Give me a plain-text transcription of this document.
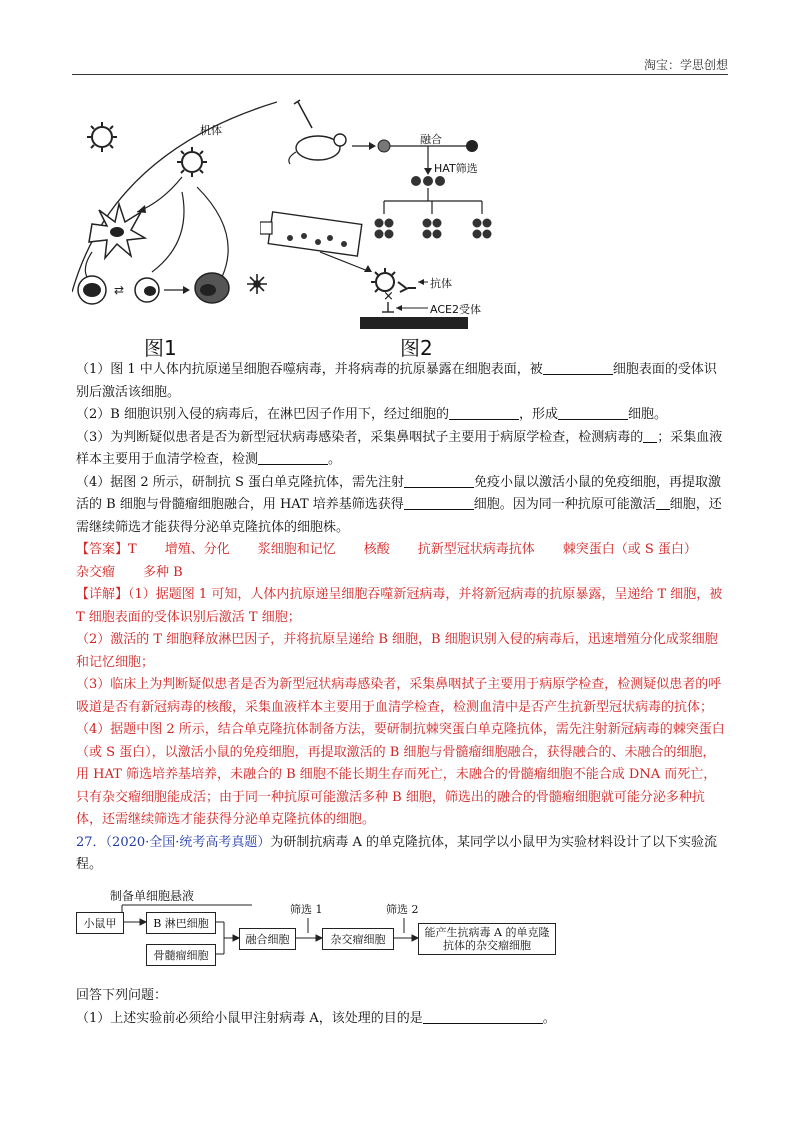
淘宝：学思创想
⇄
机体
图1
融合
HAT筛选
抗体
×
ACE2受体
图2

（1）图 1 中人体内抗原递呈细胞吞噬病毒，并将病毒的抗原暴露在细胞表面，被	细胞表面的受体识别后激活该细胞。

（2）B 细胞识别入侵的病毒后，在淋巴因子作用下，经过细胞的	，形成	细胞。

（3）为判断疑似患者是否为新型冠状病毒感染者，采集鼻咽拭子主要用于病原学检查，检测病毒的 ；采集血液样本主要用于血清学检查，检测	。

（4）据图 2 所示，研制抗 S 蛋白单克隆抗体，需先注射	免疫小鼠以激活小鼠的免疫细胞，再提取激活的 B 细胞与骨髓瘤细胞融合，用 HAT 培养基筛选获得	细胞。因为同一种抗原可能激活 细胞，还需继续筛选才能获得分泌单克隆抗体的细胞株。

【答案】T 增殖、分化 浆细胞和记忆 核酸 抗新型冠状病毒抗体 棘突蛋白（或 S 蛋白）杂交瘤 多种 B

【详解】（1）据题图 1 可知，人体内抗原递呈细胞吞噬新冠病毒，并将新冠病毒的抗原暴露，呈递给 T 细胞，被 T 细胞表面的受体识别后激活 T 细胞；

（2）激活的 T 细胞释放淋巴因子，并将抗原呈递给 B 细胞，B 细胞识别入侵的病毒后，迅速增殖分化成浆细胞和记忆细胞；

（3）临床上为判断疑似患者是否为新型冠状病毒感染者，采集鼻咽拭子主要用于病原学检查，检测疑似患者的呼吸道是否有新冠病毒的核酸，采集血液样本主要用于血清学检查，检测血清中是否产生抗新型冠状病毒的抗体；

（4）据题中图 2 所示，结合单克隆抗体制备方法，要研制抗棘突蛋白单克隆抗体，需先注射新冠病毒的棘突蛋白（或 S 蛋白），以激活小鼠的免疫细胞，再提取激活的 B 细胞与骨髓瘤细胞融合，获得融合的、未融合的细胞，用 HAT 筛选培养基培养，未融合的 B 细胞不能长期生存而死亡，未融合的骨髓瘤细胞不能合成 DNA 而死亡，只有杂交瘤细胞能成活；由于同一种抗原可能激活多种 B 细胞，筛选出的融合的骨髓瘤细胞就可能分泌多种抗体，还需继续筛选才能获得分泌单克隆抗体的细胞。

27．（2020·全国·统考高考真题）为研制抗病毒 A 的单克隆抗体，某同学以小鼠甲为实验材料设计了以下实验流程。

制备单细胞悬液
小鼠甲	B 淋巴细胞
骨髓瘤细胞
融合细胞
筛选 1
杂交瘤细胞
筛选 2
能产生抗病毒 A 的单克隆抗体的杂交瘤细胞

回答下列问题：

（1）上述实验前必须给小鼠甲注射病毒 A，该处理的目的是	。
